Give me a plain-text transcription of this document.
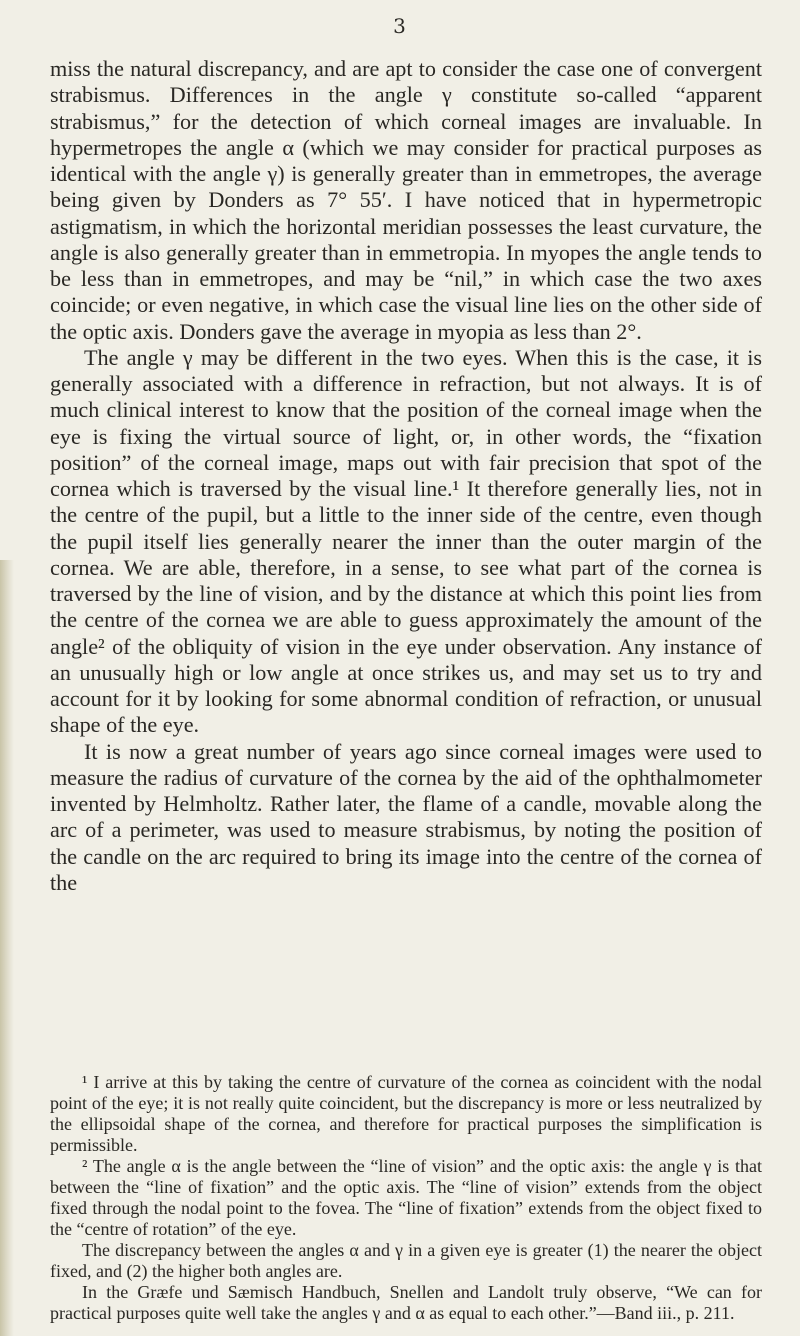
3

miss the natural discrepancy, and are apt to consider the case one of convergent strabismus. Differences in the angle γ constitute so-called “apparent strabismus,” for the detection of which corneal images are invaluable. In hypermetropes the angle α (which we may consider for practical purposes as identical with the angle γ) is generally greater than in emmetropes, the average being given by Donders as 7° 55′. I have noticed that in hypermetropic astigmatism, in which the horizontal meridian possesses the least curvature, the angle is also generally greater than in emmetropia. In myopes the angle tends to be less than in emmetropes, and may be “nil,” in which case the two axes coincide; or even negative, in which case the visual line lies on the other side of the optic axis. Donders gave the average in myopia as less than 2°.

The angle γ may be different in the two eyes. When this is the case, it is generally associated with a difference in refraction, but not always. It is of much clinical interest to know that the position of the corneal image when the eye is fixing the virtual source of light, or, in other words, the “fixation position” of the corneal image, maps out with fair precision that spot of the cornea which is traversed by the visual line.¹ It therefore generally lies, not in the centre of the pupil, but a little to the inner side of the centre, even though the pupil itself lies generally nearer the inner than the outer margin of the cornea. We are able, therefore, in a sense, to see what part of the cornea is traversed by the line of vision, and by the distance at which this point lies from the centre of the cornea we are able to guess approximately the amount of the angle² of the obliquity of vision in the eye under observation. Any instance of an unusually high or low angle at once strikes us, and may set us to try and account for it by looking for some abnormal condition of refraction, or unusual shape of the eye.

It is now a great number of years ago since corneal images were used to measure the radius of curvature of the cornea by the aid of the ophthalmometer invented by Helmholtz. Rather later, the flame of a candle, movable along the arc of a perimeter, was used to measure strabismus, by noting the position of the candle on the arc required to bring its image into the centre of the cornea of the

¹ I arrive at this by taking the centre of curvature of the cornea as coincident with the nodal point of the eye; it is not really quite coincident, but the discrepancy is more or less neutralized by the ellipsoidal shape of the cornea, and therefore for practical purposes the simplification is permissible.

² The angle α is the angle between the “line of vision” and the optic axis: the angle γ is that between the “line of fixation” and the optic axis. The “line of vision” extends from the object fixed through the nodal point to the fovea. The “line of fixation” extends from the object fixed to the “centre of rotation” of the eye.

The discrepancy between the angles α and γ in a given eye is greater (1) the nearer the object fixed, and (2) the higher both angles are.

In the Græfe und Sæmisch Handbuch, Snellen and Landolt truly observe, “We can for practical purposes quite well take the angles γ and α as equal to each other.”—Band iii., p. 211.
